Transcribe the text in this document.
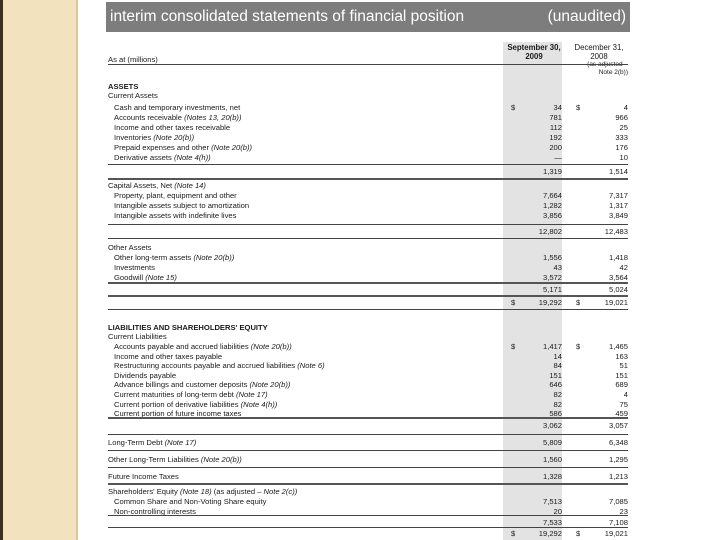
interim consolidated statements of financial position	(unaudited)
As at (millions)
September 30,
2009
December 31,
2008
(as adjusted –
Note 2(b))
ASSETS
Current Assets
Cash and temporary investments, net	$	34 $	4
Accounts receivable (Notes 13, 20(b))	781	966
Income and other taxes receivable	112	25
Inventories (Note 20(b))	192	333
Prepaid expenses and other (Note 20(b))	200	176
Derivative assets (Note 4(h))	—	10
1,319	1,514
Capital Assets, Net (Note 14)
Property, plant, equipment and other	7,664	7,317
Intangible assets subject to amortization	1,282	1,317
Intangible assets with indefinite lives	3,856	3,849
12,802	12,483
Other Assets
Other long-term assets (Note 20(b))	1,556	1,418
Investments	43	42
Goodwill (Note 15)	3,572	3,564
5,171	5,024
$	19,292 $	19,021
LIABILITIES AND SHAREHOLDERS' EQUITY
Current Liabilities
Accounts payable and accrued liabilities (Note 20(b))	$	1,417 $	1,465
Income and other taxes payable	14	163
Restructuring accounts payable and accrued liabilities (Note 6)	84	51
Dividends payable	151	151
Advance billings and customer deposits (Note 20(b))	646	689
Current maturities of long-term debt (Note 17)	82	4
Current portion of derivative liabilities (Note 4(h))	82	75
Current portion of future income taxes	586	459
3,062	3,057
Long-Term Debt (Note 17)	5,809	6,348
Other Long-Term Liabilities (Note 20(b))	1,560	1,295
Future Income Taxes	1,328	1,213
Shareholders' Equity (Note 18) (as adjusted – Note 2(c))
Common Share and Non-Voting Share equity	7,513	7,085
Non-controlling interests	20	23
7,533	7,108
$	19,292 $	19,021
